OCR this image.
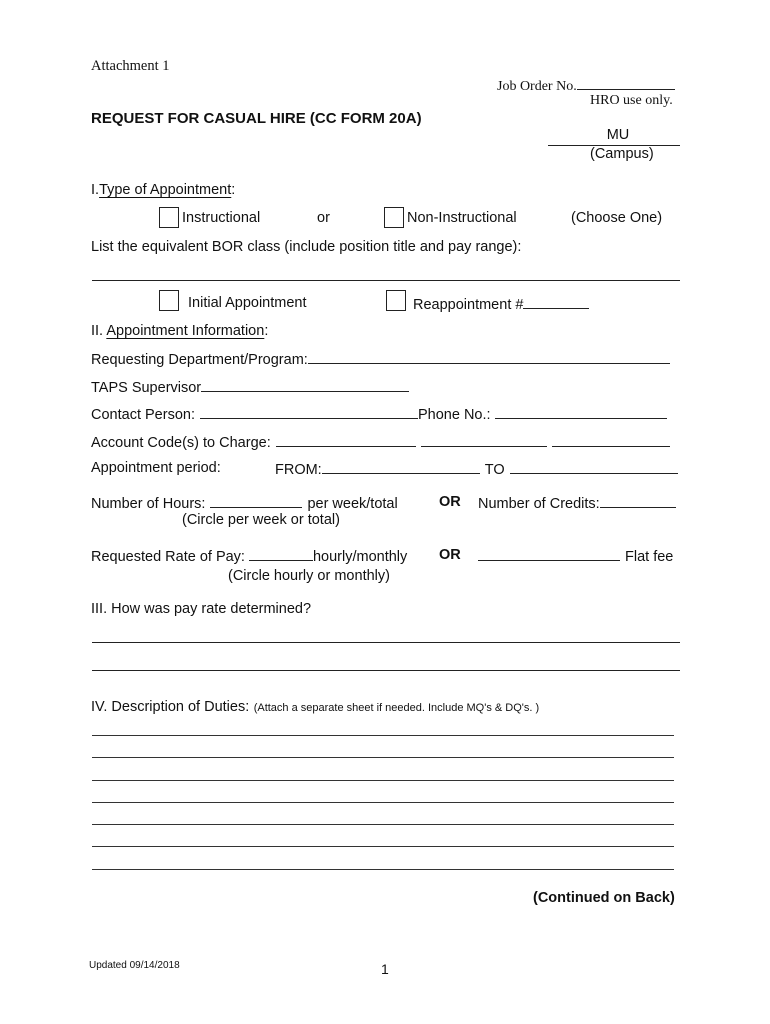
Attachment 1
Job Order No.
HRO use only.
REQUEST FOR CASUAL HIRE (CC FORM 20A)
MU
(Campus)
I.Type of Appointment:
Instructional	or	Non-Instructional	(Choose One)
List the equivalent BOR class (include position title and pay range):
Initial Appointment	Reappointment #
II. Appointment Information:
Requesting Department/Program:
TAPS Supervisor
Contact Person:	Phone No.:
Account Code(s) to Charge:
Appointment period:	FROM:	TO
Number of Hours:	per week/total	OR Number of Credits:
(Circle per week or total)
Requested Rate of Pay:	hourly/monthly OR	Flat fee
(Circle hourly or monthly)
III. How was pay rate determined?
IV. Description of Duties: (Attach a separate sheet if needed. Include MQ's & DQ's. )
(Continued on Back)
Updated 09/14/2018	1
